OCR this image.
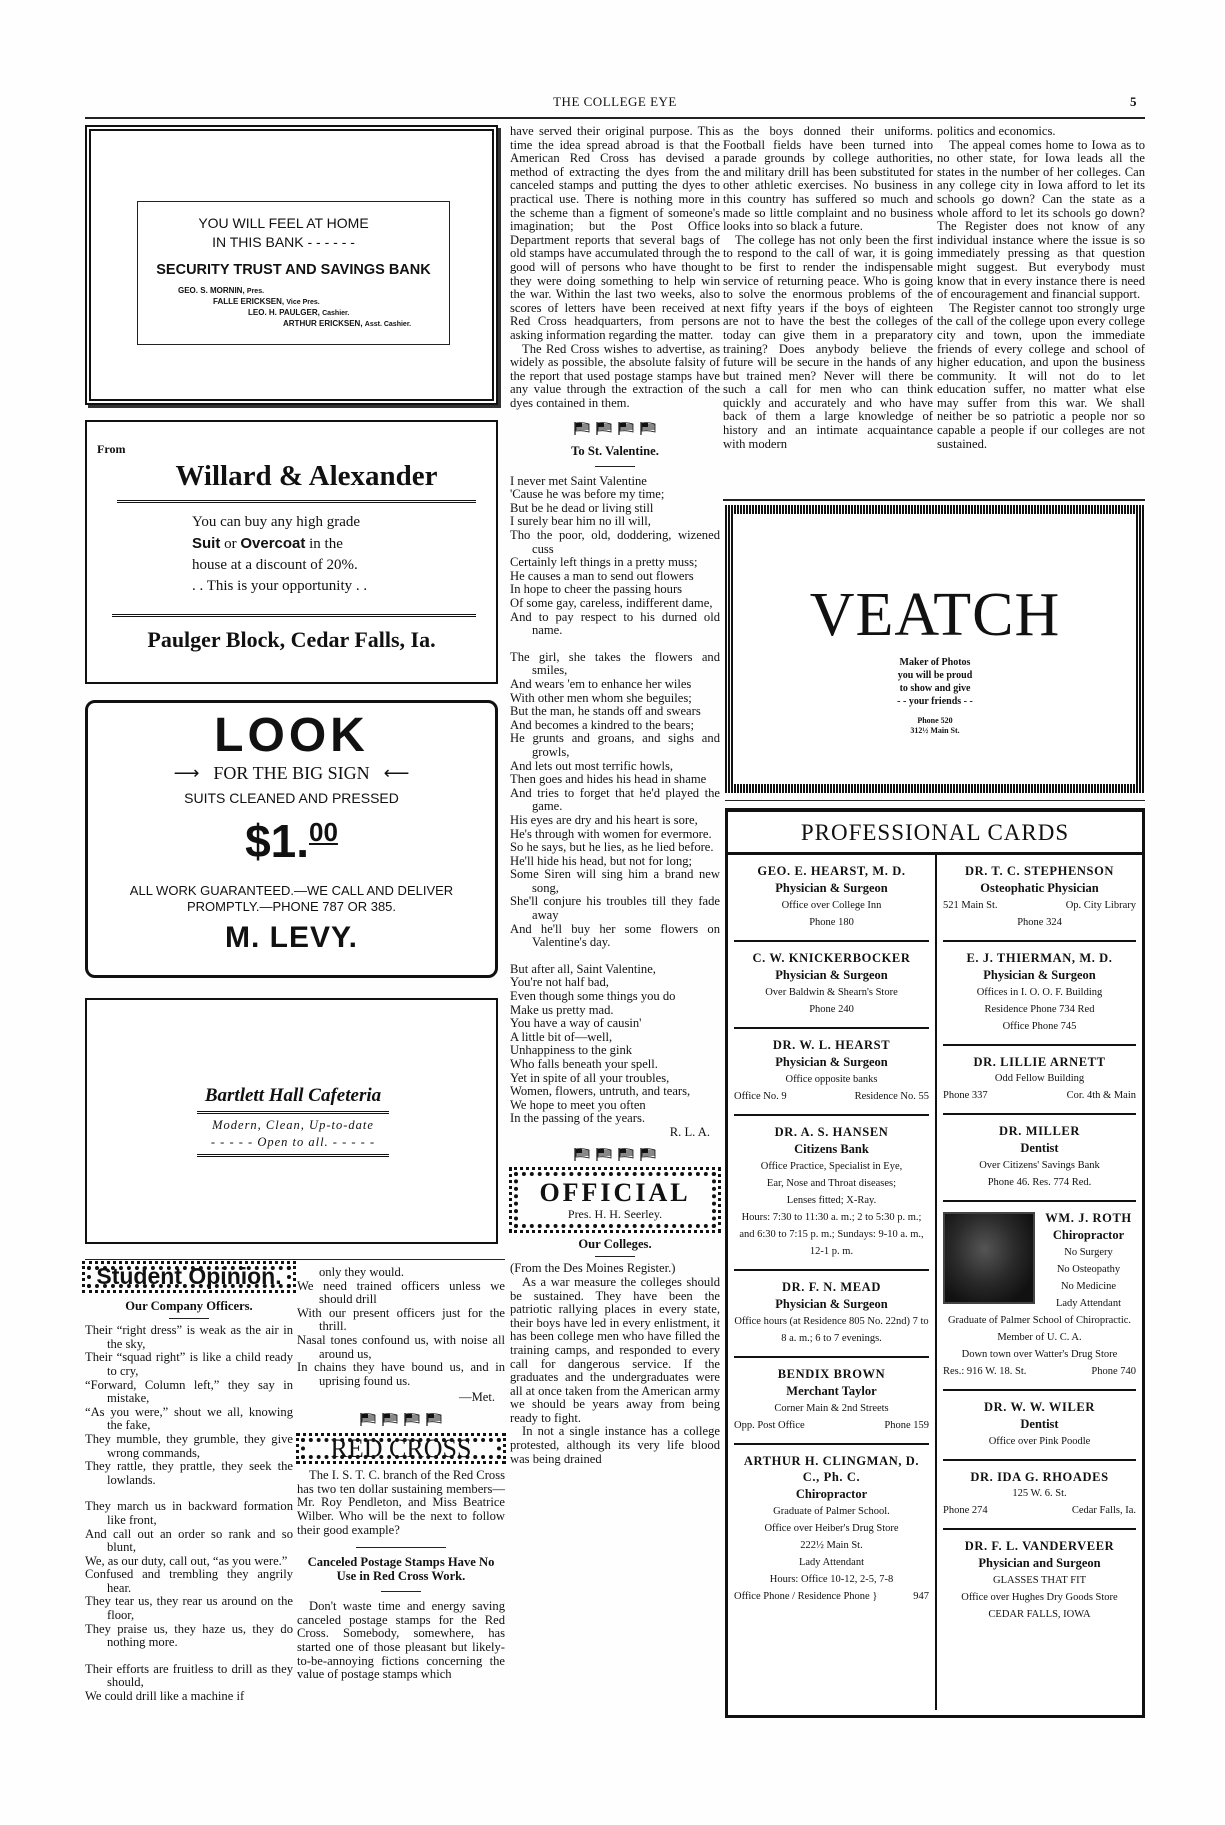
THE COLLEGE EYE	5
YOU WILL FEEL AT HOME
IN THIS BANK - - - - - -
SECURITY TRUST AND SAVINGS BANK
GEO. S. MORNIN, Pres.
FALLE ERICKSEN, Vice Pres.
LEO. H. PAULGER, Cashier.
ARTHUR ERICKSEN, Asst. Cashier.
From
Willard & Alexander
You can buy any high grade
Suit or Overcoat in the
house at a discount of 20%.
. . This is your opportunity . .
Paulger Block, Cedar Falls, Ia.
LOOK
⟶ FOR THE BIG SIGN ⟵
SUITS CLEANED AND PRESSED
$1.00
ALL WORK GUARANTEED.—WE CALL AND DELIVER
PROMPTLY.—PHONE 787 OR 385.
M. LEVY.
Bartlett Hall Cafeteria
Modern, Clean, Up-to-date
- - - - - Open to all. - - - - -
Student Opinion.
Our Company Officers.
Their “right dress” is weak as the air in the sky,
Their “squad right” is like a child ready to cry,
“Forward, Column left,” they say in mistake,
“As you were,” shout we all, knowing the fake,
They mumble, they grumble, they give wrong commands,
They rattle, they prattle, they seek the lowlands.
They march us in backward formation like front,
And call out an order so rank and so blunt,
We, as our duty, call out, “as you were.”
Confused and trembling they angrily hear.
They tear us, they rear us around on the floor,
They praise us, they haze us, they do nothing more.
Their efforts are fruitless to drill as they should,
We could drill like a machine if
only they would.
We need trained officers unless we should drill
With our present officers just for the thrill.
Nasal tones confound us, with noise all around us,
In chains they have bound us, and in uprising found us.
—Met.
RED CROSS

The I. S. T. C. branch of the Red Cross has two ten dollar sustaining members—Mr. Roy Pendleton, and Miss Beatrice Wilber. Who will be the next to follow their good example?

Canceled Postage Stamps Have No Use in Red Cross Work.

Don't waste time and energy saving canceled postage stamps for the Red Cross. Somebody, somewhere, has started one of those pleasant but likely-to-be-annoying fictions concerning the value of postage stamps which

have served their original purpose. This time the idea spread abroad is that the American Red Cross has devised a method of extracting the dyes from the canceled stamps and putting the dyes to practical use. There is nothing more in the scheme than a figment of someone's imagination; but the Post Office Department reports that several bags of old stamps have accumulated through the good will of persons who have thought they were doing something to help win the war. Within the last two weeks, also scores of letters have been received at Red Cross headquarters, from persons asking information regarding the matter.

The Red Cross wishes to advertise, as widely as possible, the absolute falsity of the report that used postage stamps have any value through the extraction of the dyes contained in them.

To St. Valentine.
I never met Saint Valentine
'Cause he was before my time;
But be he dead or living still
I surely bear him no ill will,
Tho the poor, old, doddering, wizened cuss
Certainly left things in a pretty muss;
He causes a man to send out flowers
In hope to cheer the passing hours
Of some gay, careless, indifferent dame,
And to pay respect to his durned old name.
The girl, she takes the flowers and smiles,
And wears 'em to enhance her wiles
With other men whom she beguiles;
But the man, he stands off and swears
And becomes a kindred to the bears;
He grunts and groans, and sighs and growls,
And lets out most terrific howls,
Then goes and hides his head in shame
And tries to forget that he'd played the game.
His eyes are dry and his heart is sore,
He's through with women for evermore.
So he says, but he lies, as he lied before.
He'll hide his head, but not for long;
Some Siren will sing him a brand new song,
She'll conjure his troubles till they fade away
And he'll buy her some flowers on Valentine's day.
But after all, Saint Valentine,
You're not half bad,
Even though some things you do
Make us pretty mad.
You have a way of causin'
A little bit of—well,
Unhappiness to the gink
Who falls beneath your spell.
Yet in spite of all your troubles,
Women, flowers, untruth, and tears,
We hope to meet you often
In the passing of the years.
R. L. A.
OFFICIAL
Pres. H. H. Seerley.
Our Colleges.
(From the Des Moines Register.)

As a war measure the colleges should be sustained. They have been the patriotic rallying places in every state, their boys have led in every enlistment, it has been college men who have filled the training camps, and responded to every call for dangerous service. If the graduates and the undergraduates were all at once taken from the American army we should be years away from being ready to fight.

In not a single instance has a college protested, although its very life blood was being drained

as the boys donned their uniforms. Football fields have been turned into parade grounds by college authorities, and military drill has been substituted for other athletic exercises. No business in this country has suffered so much and made so little complaint and no business looks into so black a future.

The college has not only been the first to respond to the call of war, it is going to be first to render the indispensable service of returning peace. Who is going to solve the enormous problems of the next fifty years if the boys of eighteen are not to have the best the colleges of today can give them in a preparatory training? Does anybody believe the future will be secure in the hands of any but trained men? Never will there be such a call for men who can think quickly and accurately and who have back of them a large knowledge of history and an intimate acquaintance with modern

politics and economics.

The appeal comes home to Iowa as to no other state, for Iowa leads all the states in the number of her colleges. Can any college city in Iowa afford to let its schools go down? Can the state as a whole afford to let its schools go down? The Register does not know of any individual instance where the issue is so immediately pressing as that question might suggest. But everybody must know that in every instance there is need of encouragement and financial support.

The Register cannot too strongly urge the call of the college upon every college city and town, upon the immediate friends of every college and school of higher education, and upon the business community. It will not do to let education suffer, no matter what else may suffer from this war. We shall neither be so patriotic a people nor so capable a people if our colleges are not sustained.

VEATCH
Maker of Photos
you will be proud
to show and give
- - your friends - -
Phone 520
312½ Main St.
PROFESSIONAL CARDS
GEO. E. HEARST, M. D.
Physician & Surgeon
Office over College Inn
Phone 180
C. W. KNICKERBOCKER
Physician & Surgeon
Over Baldwin & Shearn's Store
Phone 240
DR. W. L. HEARST
Physician & Surgeon
Office opposite banks
Office No. 9	Residence No. 55
DR. A. S. HANSEN
Citizens Bank
Office Practice, Specialist in Eye,
Ear, Nose and Throat diseases;
Lenses fitted; X-Ray.
Hours: 7:30 to 11:30 a. m.; 2 to 5:30 p. m.; and 6:30 to 7:15 p. m.; Sundays: 9-10 a. m., 12-1 p. m.
DR. F. N. MEAD
Physician & Surgeon
Office hours (at Residence 805 No. 22nd) 7 to 8 a. m.; 6 to 7 evenings.
BENDIX BROWN
Merchant Taylor
Corner Main & 2nd Streets
Opp. Post Office	Phone 159
ARTHUR H. CLINGMAN, D. C., Ph. C.
Chiropractor
Graduate of Palmer School.
Office over Heiber's Drug Store
222½ Main St.
Lady Attendant
Hours: Office 10-12, 2-5, 7-8
Office Phone / Residence Phone }	947
DR. T. C. STEPHENSON
Osteophatic Physician
521 Main St.	Op. City Library
Phone 324
E. J. THIERMAN, M. D.
Physician & Surgeon
Offices in I. O. O. F. Building
Residence Phone 734 Red
Office Phone 745
DR. LILLIE ARNETT
Odd Fellow Building
Phone 337	Cor. 4th & Main
DR. MILLER
Dentist
Over Citizens' Savings Bank
Phone 46. Res. 774 Red.
WM. J. ROTH
Chiropractor
No Surgery
No Osteopathy
No Medicine
Lady Attendant
Graduate of Palmer School of Chiropractic.
Member of U. C. A.
Down town over Watter's Drug Store
Res.: 916 W. 18. St.	Phone 740
DR. W. W. WILER
Dentist
Office over Pink Poodle
DR. IDA G. RHOADES
125 W. 6. St.
Phone 274	Cedar Falls, Ia.
DR. F. L. VANDERVEER
Physician and Surgeon
GLASSES THAT FIT
Office over Hughes Dry Goods Store
CEDAR FALLS, IOWA
